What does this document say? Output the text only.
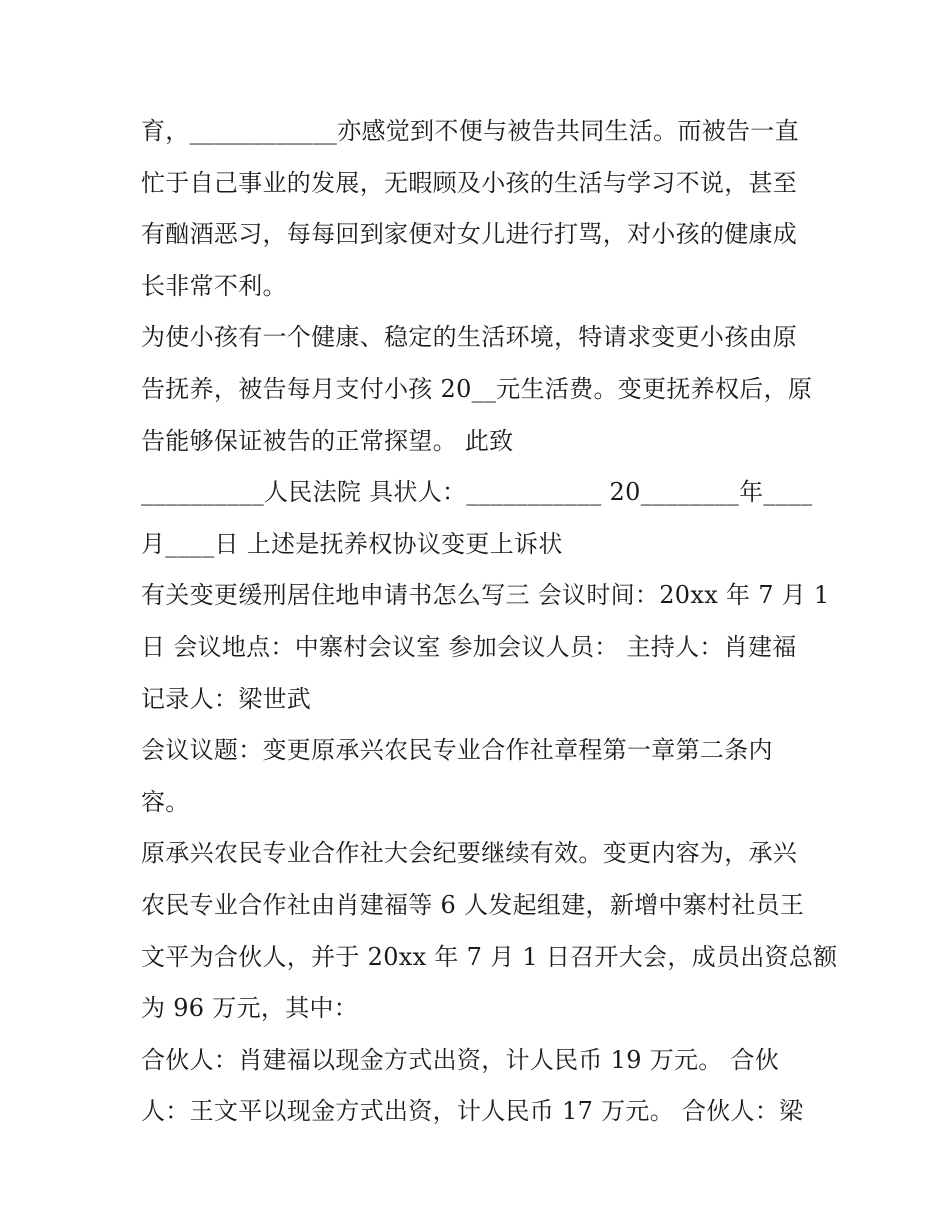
育，____________亦感觉到不便与被告共同生活。而被告一直
忙于自己事业的发展，无暇顾及小孩的生活与学习不说，甚至
有酗酒恶习，每每回到家便对女儿进行打骂，对小孩的健康成
长非常不利。
为使小孩有一个健康、稳定的生活环境，特请求变更小孩由原
告抚养，被告每月支付小孩 20__元生活费。变更抚养权后，原
告能够保证被告的正常探望。 此致
__________人民法院 具状人：___________ 20________年____
月____日 上述是抚养权协议变更上诉状
有关变更缓刑居住地申请书怎么写三 会议时间：20xx 年 7 月 1
日 会议地点：中寨村会议室 参加会议人员： 主持人：肖建福
记录人：梁世武
会议议题：变更原承兴农民专业合作社章程第一章第二条内
容。
原承兴农民专业合作社大会纪要继续有效。变更内容为，承兴
农民专业合作社由肖建福等 6 人发起组建，新增中寨村社员王
文平为合伙人，并于 20xx 年 7 月 1 日召开大会，成员出资总额
为 96 万元，其中：
合伙人：肖建福以现金方式出资，计人民币 19 万元。 合伙
人：王文平以现金方式出资，计人民币 17 万元。 合伙人：梁
